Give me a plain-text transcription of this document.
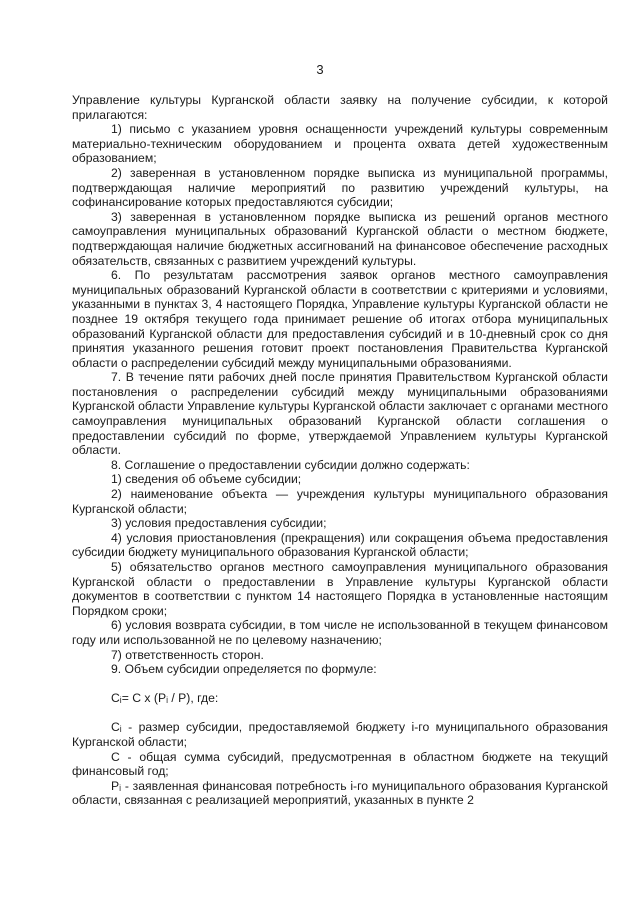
3

Управление культуры Курганской области заявку на получение субсидии, к которой прилагаются:

1) письмо с указанием уровня оснащенности учреждений культуры современным материально-техническим оборудованием и процента охвата детей художественным образованием;

2) заверенная в установленном порядке выписка из муниципальной программы, подтверждающая наличие мероприятий по развитию учреждений культуры, на софинансирование которых предоставляются субсидии;

3) заверенная в установленном порядке выписка из решений органов местного самоуправления муниципальных образований Курганской области о местном бюджете, подтверждающая наличие бюджетных ассигнований на финансовое обеспечение расходных обязательств, связанных с развитием учреждений культуры.

6. По результатам рассмотрения заявок органов местного самоуправления муниципальных образований Курганской области в соответствии с критериями и условиями, указанными в пунктах 3, 4 настоящего Порядка, Управление культуры Курганской области не позднее 19 октября текущего года принимает решение об итогах отбора муниципальных образований Курганской области для предоставления субсидий и в 10-дневный срок со дня принятия указанного решения готовит проект постановления Правительства Курганской области о распределении субсидий между муниципальными образованиями.

7. В течение пяти рабочих дней после принятия Правительством Курганской области постановления о распределении субсидий между муниципальными образованиями Курганской области Управление культуры Курганской области заключает с органами местного самоуправления муниципальных образований Курганской области соглашения о предоставлении субсидий по форме, утверждаемой Управлением культуры Курганской области.

8. Соглашение о предоставлении субсидии должно содержать:

1) сведения об объеме субсидии;

2) наименование объекта — учреждения культуры муниципального образования Курганской области;

3) условия предоставления субсидии;

4) условия приостановления (прекращения) или сокращения объема предоставления субсидии бюджету муниципального образования Курганской области;

5) обязательство органов местного самоуправления муниципального образования Курганской области о предоставлении в Управление культуры Курганской области документов в соответствии с пунктом 14 настоящего Порядка в установленные настоящим Порядком сроки;

6) условия возврата субсидии, в том числе не использованной в текущем финансовом году или использованной не по целевому назначению;

7) ответственность сторон.

9. Объем субсидии определяется по формуле:

Cᵢ= C x (Pᵢ / P), где:

Cᵢ - размер субсидии, предоставляемой бюджету i-го муниципального образования Курганской области;

C - общая сумма субсидий, предусмотренная в областном бюджете на текущий финансовый год;

Pᵢ - заявленная финансовая потребность i-го муниципального образования Курганской области, связанная с реализацией мероприятий, указанных в пункте 2
